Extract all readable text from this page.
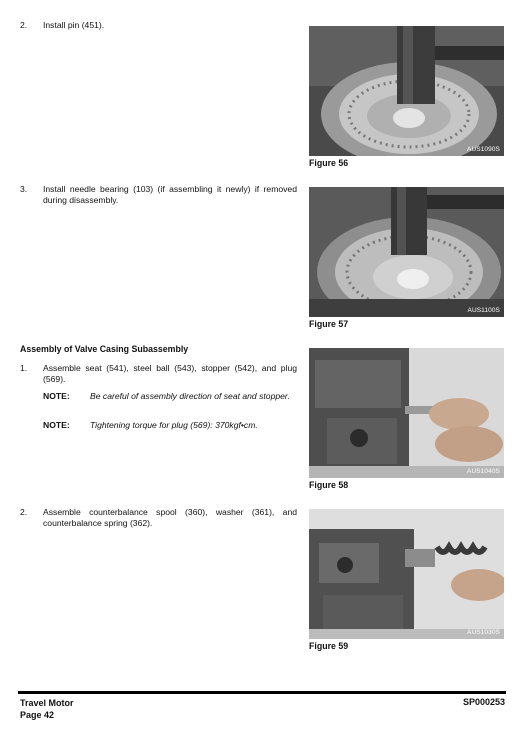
2. Install pin (451).
3. Install needle bearing (103) (if assembling it newly) if removed during disassembly.
Assembly of Valve Casing Subassembly
1. Assemble seat (541), steel ball (543), stopper (542), and plug (569).
NOTE: Be careful of assembly direction of seat and stopper.
NOTE: Tightening torque for plug (569): 370kgf•cm.
2. Assemble counterbalance spool (360), washer (361), and counterbalance spring (362).
AUS1090S
Figure 56
AUS1100S
Figure 57
AUS1040S
Figure 58
AUS1030S
Figure 59
Travel Motor
Page 42
SP000253
